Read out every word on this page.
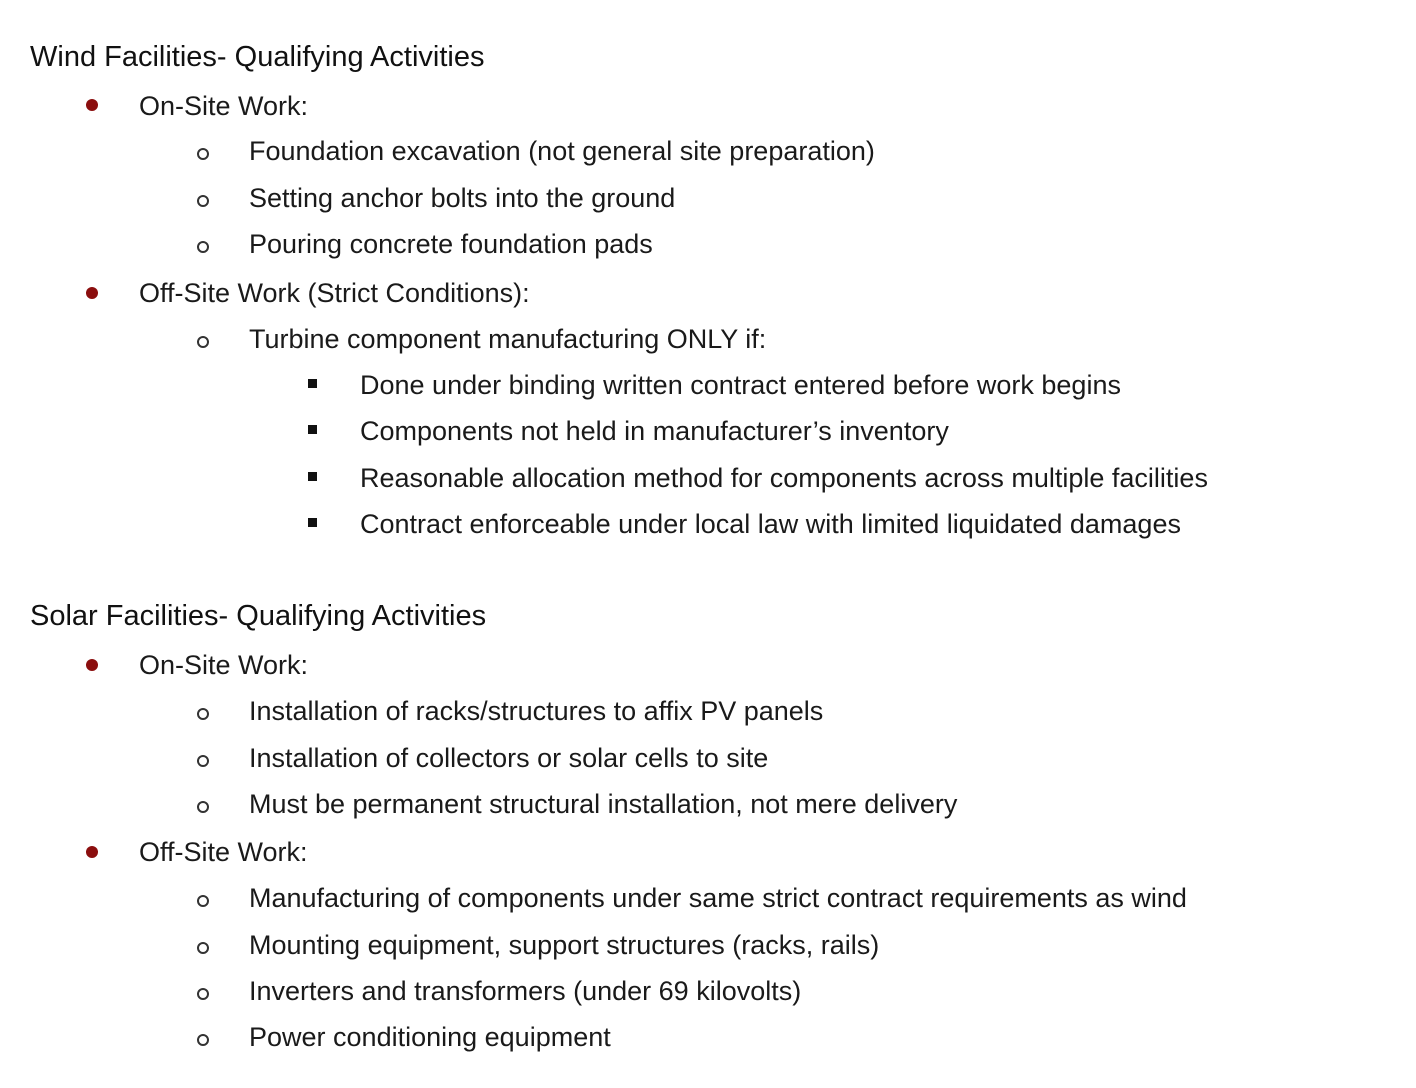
Wind Facilities- Qualifying Activities
On-Site Work:
Foundation excavation (not general site preparation)
Setting anchor bolts into the ground
Pouring concrete foundation pads
Off-Site Work (Strict Conditions):
Turbine component manufacturing ONLY if:
Done under binding written contract entered before work begins
Components not held in manufacturer’s inventory
Reasonable allocation method for components across multiple facilities
Contract enforceable under local law with limited liquidated damages
Solar Facilities- Qualifying Activities
On-Site Work:
Installation of racks/structures to affix PV panels
Installation of collectors or solar cells to site
Must be permanent structural installation, not mere delivery
Off-Site Work:
Manufacturing of components under same strict contract requirements as wind
Mounting equipment, support structures (racks, rails)
Inverters and transformers (under 69 kilovolts)
Power conditioning equipment
